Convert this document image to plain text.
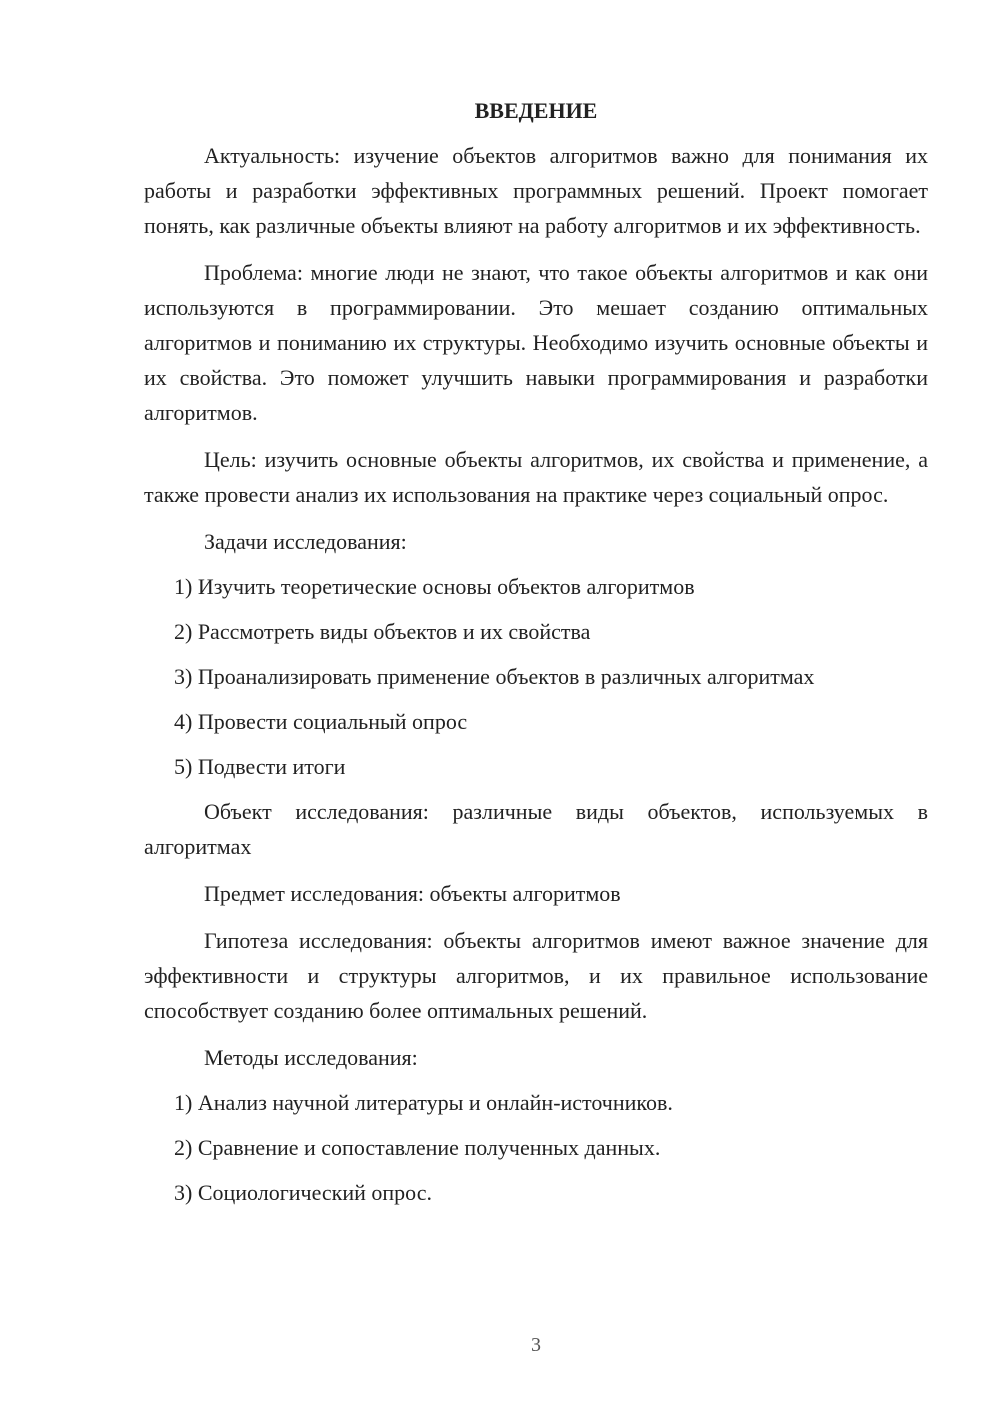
ВВЕДЕНИЕ

Актуальность: изучение объектов алгоритмов важно для понимания их работы и разработки эффективных программных решений. Проект помогает понять, как различные объекты влияют на работу алгоритмов и их эффективность.

Проблема: многие люди не знают, что такое объекты алгоритмов и как они используются в программировании. Это мешает созданию оптимальных алгоритмов и пониманию их структуры. Необходимо изучить основные объекты и их свойства. Это поможет улучшить навыки программирования и разработки алгоритмов.

Цель: изучить основные объекты алгоритмов, их свойства и применение, а также провести анализ их использования на практике через социальный опрос.

Задачи исследования:

1) Изучить теоретические основы объектов алгоритмов
2) Рассмотреть виды объектов и их свойства
3) Проанализировать применение объектов в различных алгоритмах
4) Провести социальный опрос
5) Подвести итоги

Объект исследования: различные виды объектов, используемых в алгоритмах

Предмет исследования: объекты алгоритмов

Гипотеза исследования: объекты алгоритмов имеют важное значение для эффективности и структуры алгоритмов, и их правильное использование способствует созданию более оптимальных решений.

Методы исследования:

1) Анализ научной литературы и онлайн-источников.
2) Сравнение и сопоставление полученных данных.
3) Социологический опрос.
3
